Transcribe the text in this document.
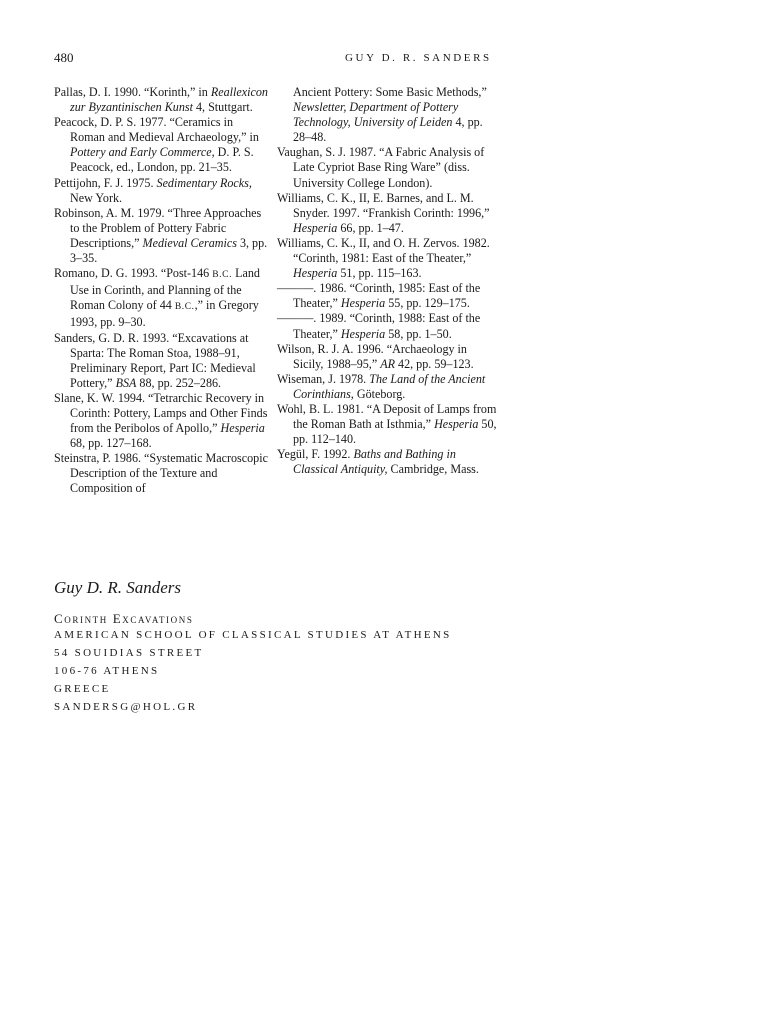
480	GUY D. R. SANDERS

Pallas, D. I. 1990. “Korinth,” in Reallexicon zur Byzantinischen Kunst 4, Stuttgart.

Peacock, D. P. S. 1977. “Ceramics in Roman and Medieval Archaeology,” in Pottery and Early Commerce, D. P. S. Peacock, ed., London, pp. 21–35.

Pettijohn, F. J. 1975. Sedimentary Rocks, New York.

Robinson, A. M. 1979. “Three Approaches to the Problem of Pottery Fabric Descriptions,” Medieval Ceramics 3, pp. 3–35.

Romano, D. G. 1993. “Post-146 B.C. Land Use in Corinth, and Planning of the Roman Colony of 44 B.C.,” in Gregory 1993, pp. 9–30.

Sanders, G. D. R. 1993. “Excavations at Sparta: The Roman Stoa, 1988–91, Preliminary Report, Part IC: Medieval Pottery,” BSA 88, pp. 252–286.

Slane, K. W. 1994. “Tetrarchic Recovery in Corinth: Pottery, Lamps and Other Finds from the Peribolos of Apollo,” Hesperia 68, pp. 127–168.

Steinstra, P. 1986. “Systematic Macroscopic Description of the Texture and Composition of

Ancient Pottery: Some Basic Methods,” Newsletter, Department of Pottery Technology, University of Leiden 4, pp. 28–48.

Vaughan, S. J. 1987. “A Fabric Analysis of Late Cypriot Base Ring Ware” (diss. University College London).

Williams, C. K., II, E. Barnes, and L. M. Snyder. 1997. “Frankish Corinth: 1996,” Hesperia 66, pp. 1–47.

Williams, C. K., II, and O. H. Zervos. 1982. “Corinth, 1981: East of the Theater,” Hesperia 51, pp. 115–163.

———. 1986. “Corinth, 1985: East of the Theater,” Hesperia 55, pp. 129–175.

———. 1989. “Corinth, 1988: East of the Theater,” Hesperia 58, pp. 1–50.

Wilson, R. J. A. 1996. “Archaeology in Sicily, 1988–95,” AR 42, pp. 59–123.

Wiseman, J. 1978. The Land of the Ancient Corinthians, Göteborg.

Wohl, B. L. 1981. “A Deposit of Lamps from the Roman Bath at Isthmia,” Hesperia 50, pp. 112–140.

Yegül, F. 1992. Baths and Bathing in Classical Antiquity, Cambridge, Mass.

Guy D. R. Sanders
Corinth Excavations
AMERICAN SCHOOL OF CLASSICAL STUDIES AT ATHENS
54 SOUIDIAS STREET
106-76 ATHENS
GREECE
SANDERSG@HOL.GR
